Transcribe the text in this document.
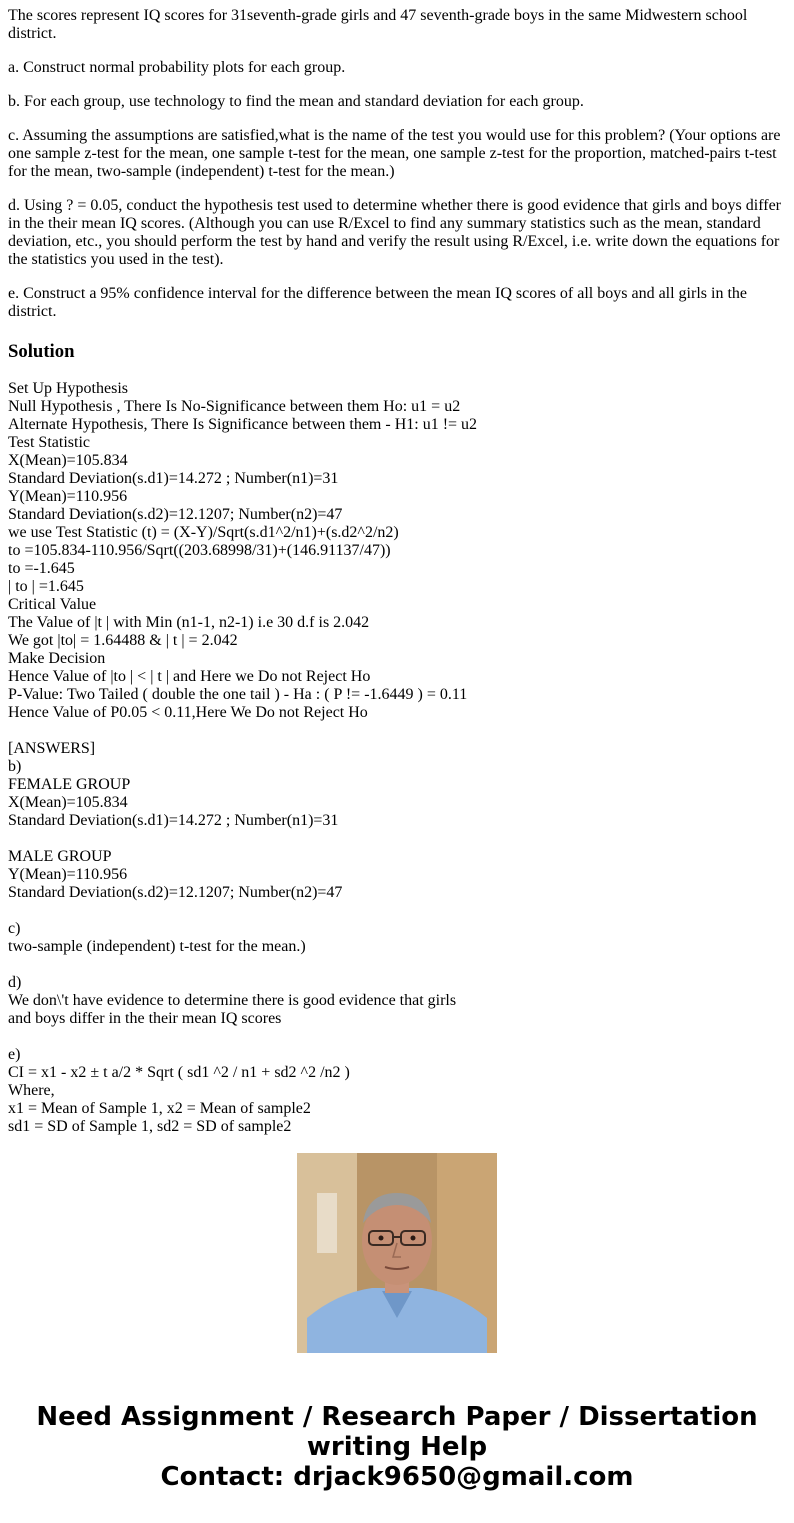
The scores represent IQ scores for 31seventh-grade girls and 47 seventh-grade boys in the same Midwestern school district.

a. Construct normal probability plots for each group.

b. For each group, use technology to find the mean and standard deviation for each group.

c. Assuming the assumptions are satisfied,what is the name of the test you would use for this problem? (Your options are one sample z-test for the mean, one sample t-test for the mean, one sample z-test for the proportion, matched-pairs t-test for the mean, two-sample (independent) t-test for the mean.)

d. Using ? = 0.05, conduct the hypothesis test used to determine whether there is good evidence that girls and boys differ in the their mean IQ scores. (Although you can use R/Excel to find any summary statistics such as the mean, standard deviation, etc., you should perform the test by hand and verify the result using R/Excel, i.e. write down the equations for the statistics you used in the test).

e. Construct a 95% confidence interval for the difference between the mean IQ scores of all boys and all girls in the district.

Solution
Set Up Hypothesis
Null Hypothesis , There Is No-Significance between them Ho: u1 = u2
Alternate Hypothesis, There Is Significance between them - H1: u1 != u2
Test Statistic
X(Mean)=105.834
Standard Deviation(s.d1)=14.272 ; Number(n1)=31
Y(Mean)=110.956
Standard Deviation(s.d2)=12.1207; Number(n2)=47
we use Test Statistic (t) = (X-Y)/Sqrt(s.d1^2/n1)+(s.d2^2/n2)
to =105.834-110.956/Sqrt((203.68998/31)+(146.91137/47))
to =-1.645
| to | =1.645
Critical Value
The Value of |t | with Min (n1-1, n2-1) i.e 30 d.f is 2.042
We got |to| = 1.64488 & | t | = 2.042
Make Decision
Hence Value of |to | < | t | and Here we Do not Reject Ho
P-Value: Two Tailed ( double the one tail ) - Ha : ( P != -1.6449 ) = 0.11
Hence Value of P0.05 < 0.11,Here We Do not Reject Ho
[ANSWERS]
b)
FEMALE GROUP
X(Mean)=105.834
Standard Deviation(s.d1)=14.272 ; Number(n1)=31
MALE GROUP
Y(Mean)=110.956
Standard Deviation(s.d2)=12.1207; Number(n2)=47
c)
two-sample (independent) t-test for the mean.)
d)
We don\'t have evidence to determine there is good evidence that girls
and boys differ in the their mean IQ scores
e)
CI = x1 - x2 ± t a/2 * Sqrt ( sd1 ^2 / n1 + sd2 ^2 /n2 )
Where,
x1 = Mean of Sample 1, x2 = Mean of sample2
sd1 = SD of Sample 1, sd2 = SD of sample2
Need Assignment / Research Paper / Dissertation
writing Help
Contact: drjack9650@gmail.com
